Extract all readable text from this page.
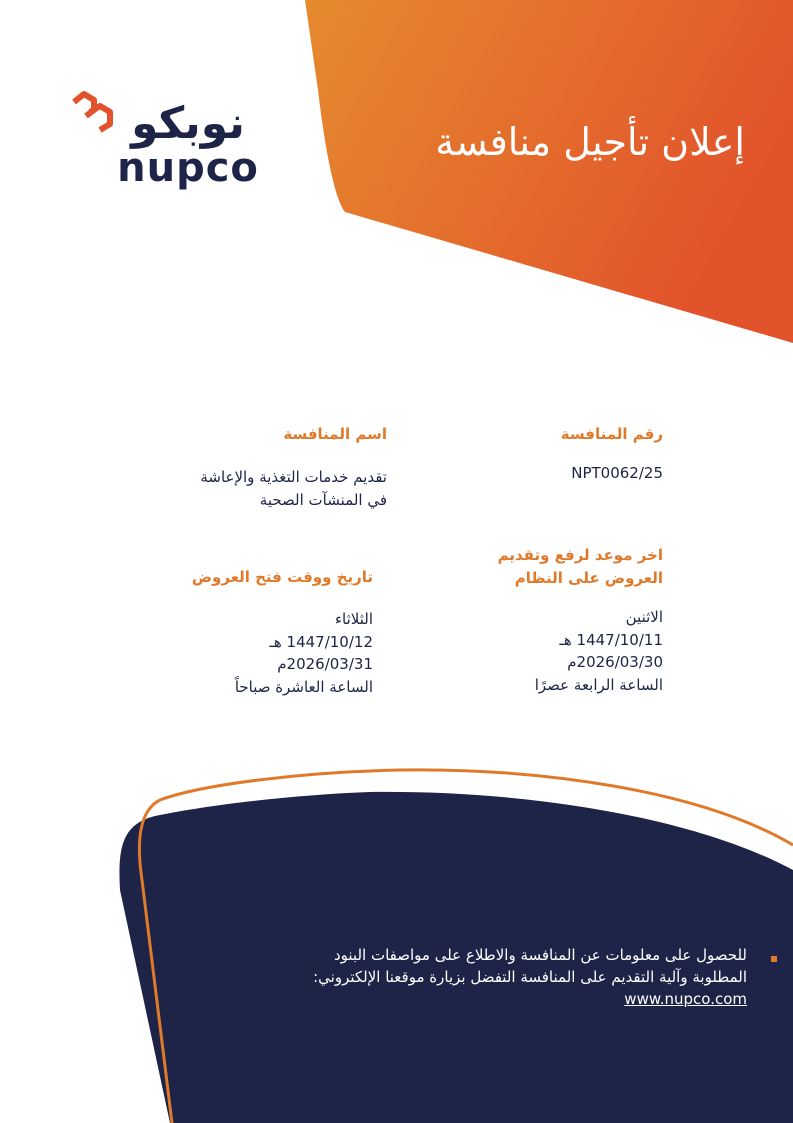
نوبكو
nupco
إعلان تأجيل منافسة
رقم المنافسة
NPT0062/25
اسم المنافسة
تقديم خدمات التغذية والإعاشة
في المنشآت الصحية
اخر موعد لرفع وتقديم
العروض على النظام
الاثنين
1447/10/11 هـ
2026/03/30م
الساعة الرابعة عصرًا
تاريخ ووقت فتح العروض
الثلاثاء
1447/10/12 هـ
2026/03/31م
الساعة العاشرة صباحاً
للحصول على معلومات عن المنافسة والاطلاع على مواصفات البنود
المطلوبة وآلية التقديم على المنافسة التفضل بزيارة موقعنا الإلكتروني:
www.nupco.com
